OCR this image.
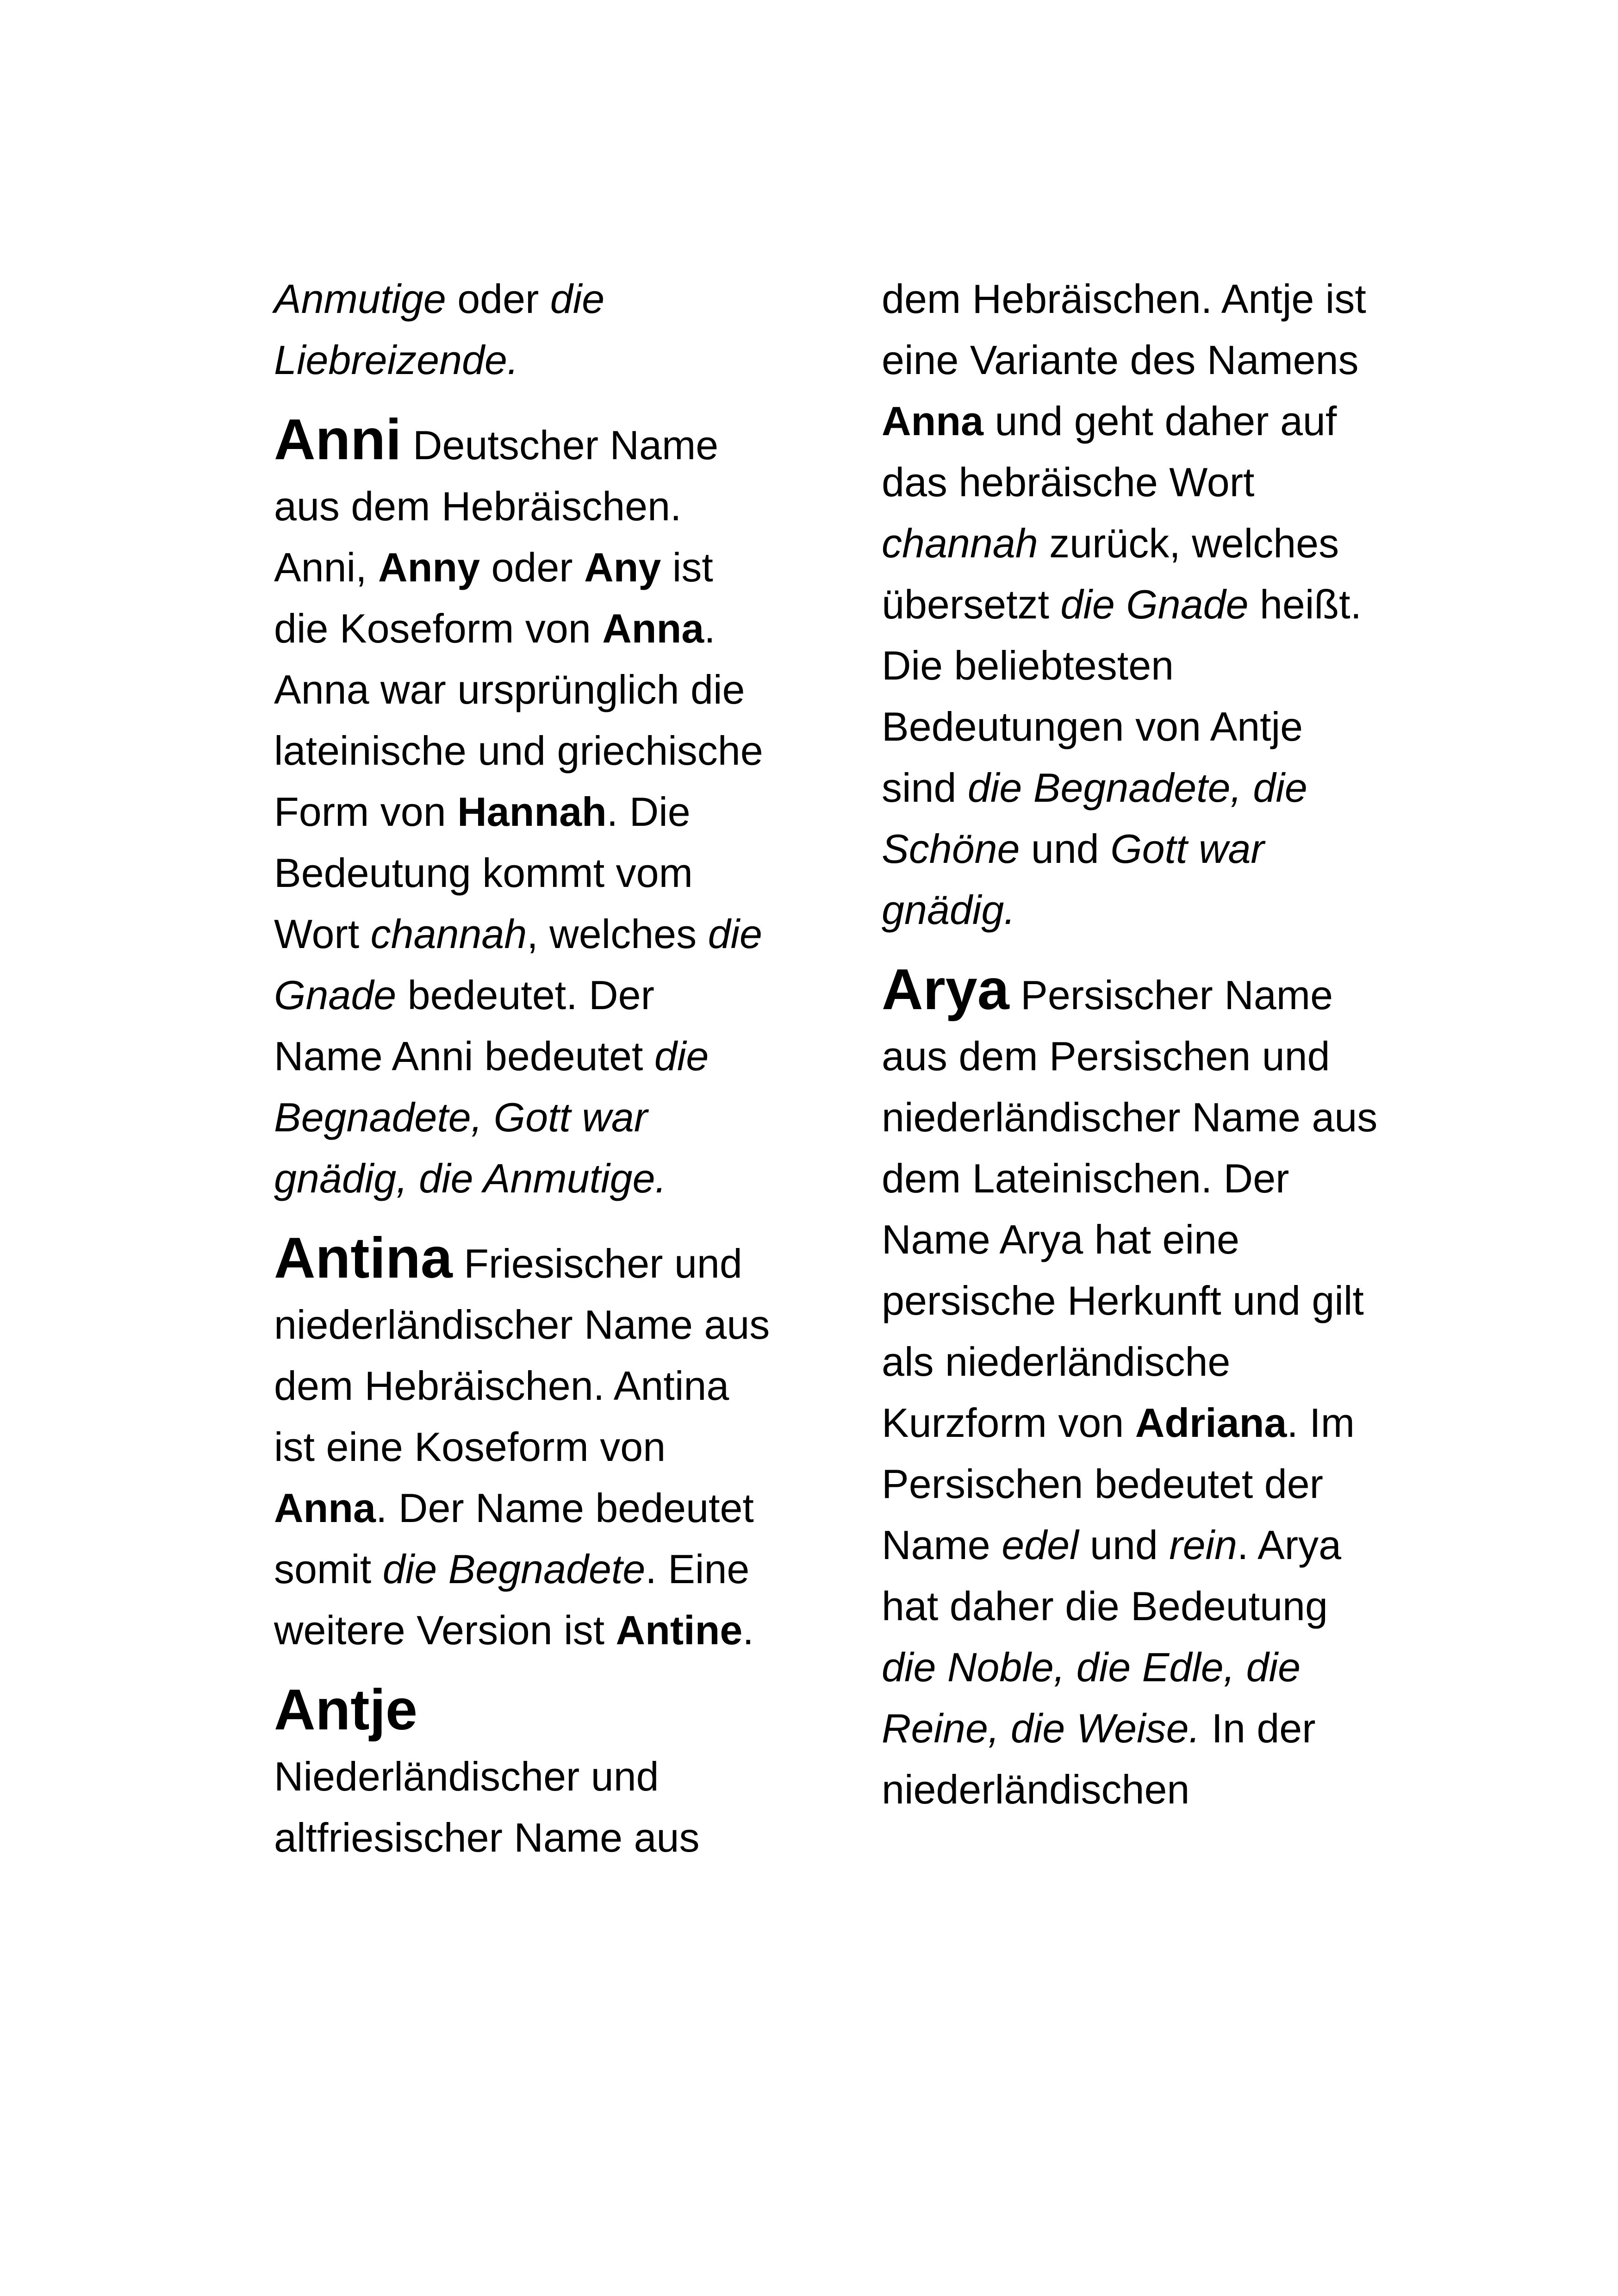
Anmutige oder die Liebreizende.

Anni Deutscher Name aus dem Hebräischen. Anni, Anny oder Any ist die Koseform von Anna. Anna war ursprünglich die lateinische und griechische Form von Hannah. Die Bedeutung kommt vom Wort channah, welches die Gnade bedeutet. Der Name Anni bedeutet die Begnadete, Gott war gnädig, die Anmutige.

Antina Friesischer und niederländischer Name aus dem Hebräischen. Antina ist eine Koseform von Anna. Der Name bedeutet somit die Begnadete. Eine weitere Version ist Antine.

Antje
Niederländischer und altfriesischer Name aus

dem Hebräischen. Antje ist eine Variante des Namens Anna und geht daher auf das hebräische Wort channah zurück, welches übersetzt die Gnade heißt. Die beliebtesten Bedeutungen von Antje sind die Begnadete, die Schöne und Gott war gnädig.

Arya Persischer Name aus dem Persischen und niederländischer Name aus dem Lateinischen. Der Name Arya hat eine persische Herkunft und gilt als niederländische Kurzform von Adriana. Im Persischen bedeutet der Name edel und rein. Arya hat daher die Bedeutung die Noble, die Edle, die Reine, die Weise. In der niederländischen
